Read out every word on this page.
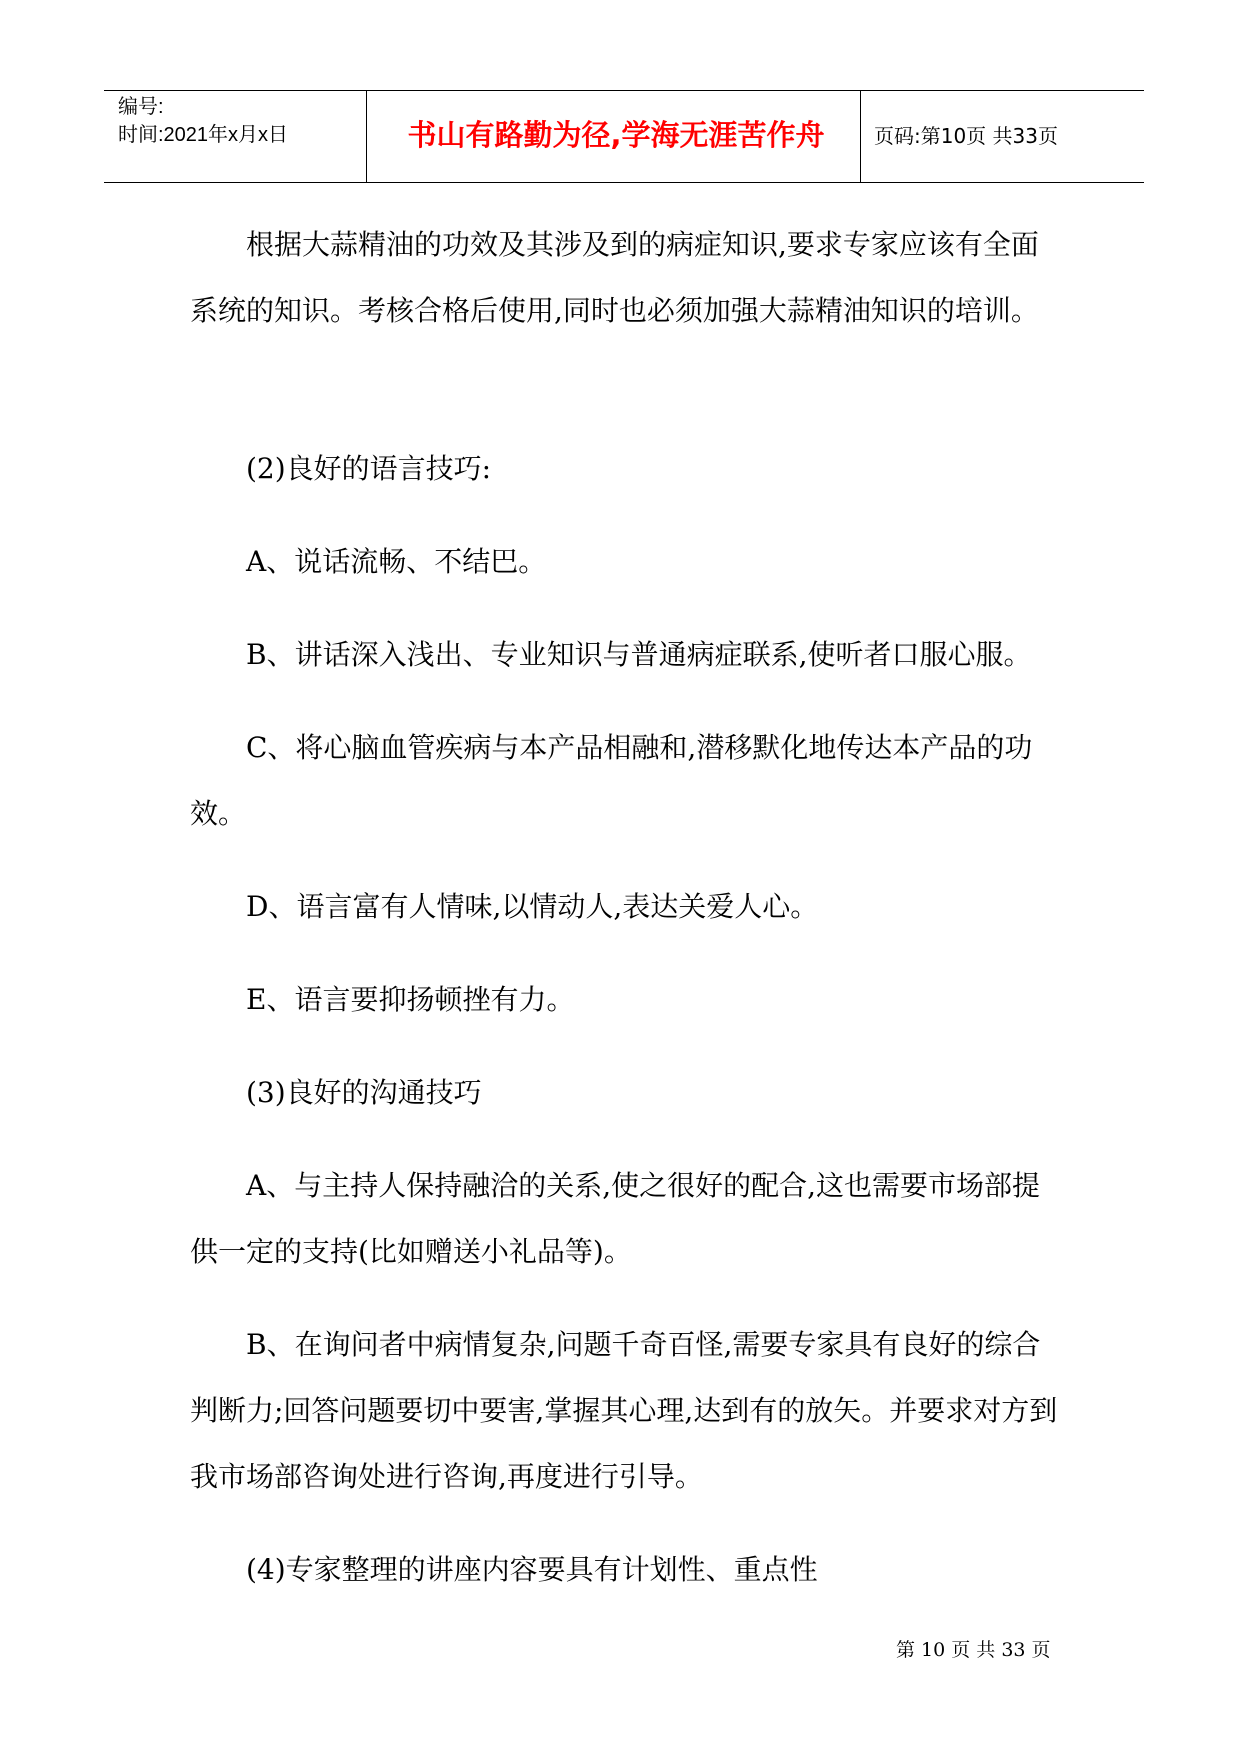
编号:
时间:2021年x月x日	书山有路勤为径,学海无涯苦作舟	页码:第10页 共33页

根据大蒜精油的功效及其涉及到的病症知识,要求专家应该有全面系统的知识。考核合格后使用,同时也必须加强大蒜精油知识的培训。

(2)良好的语言技巧:

A、说话流畅、不结巴。

B、讲话深入浅出、专业知识与普通病症联系,使听者口服心服。

C、将心脑血管疾病与本产品相融和,潜移默化地传达本产品的功效。

D、语言富有人情味,以情动人,表达关爱人心。

E、语言要抑扬顿挫有力。

(3)良好的沟通技巧

A、与主持人保持融洽的关系,使之很好的配合,这也需要市场部提供一定的支持(比如赠送小礼品等)。

B、在询问者中病情复杂,问题千奇百怪,需要专家具有良好的综合判断力;回答问题要切中要害,掌握其心理,达到有的放矢。并要求对方到我市场部咨询处进行咨询,再度进行引导。

(4)专家整理的讲座内容要具有计划性、重点性

第 10 页 共 33 页
